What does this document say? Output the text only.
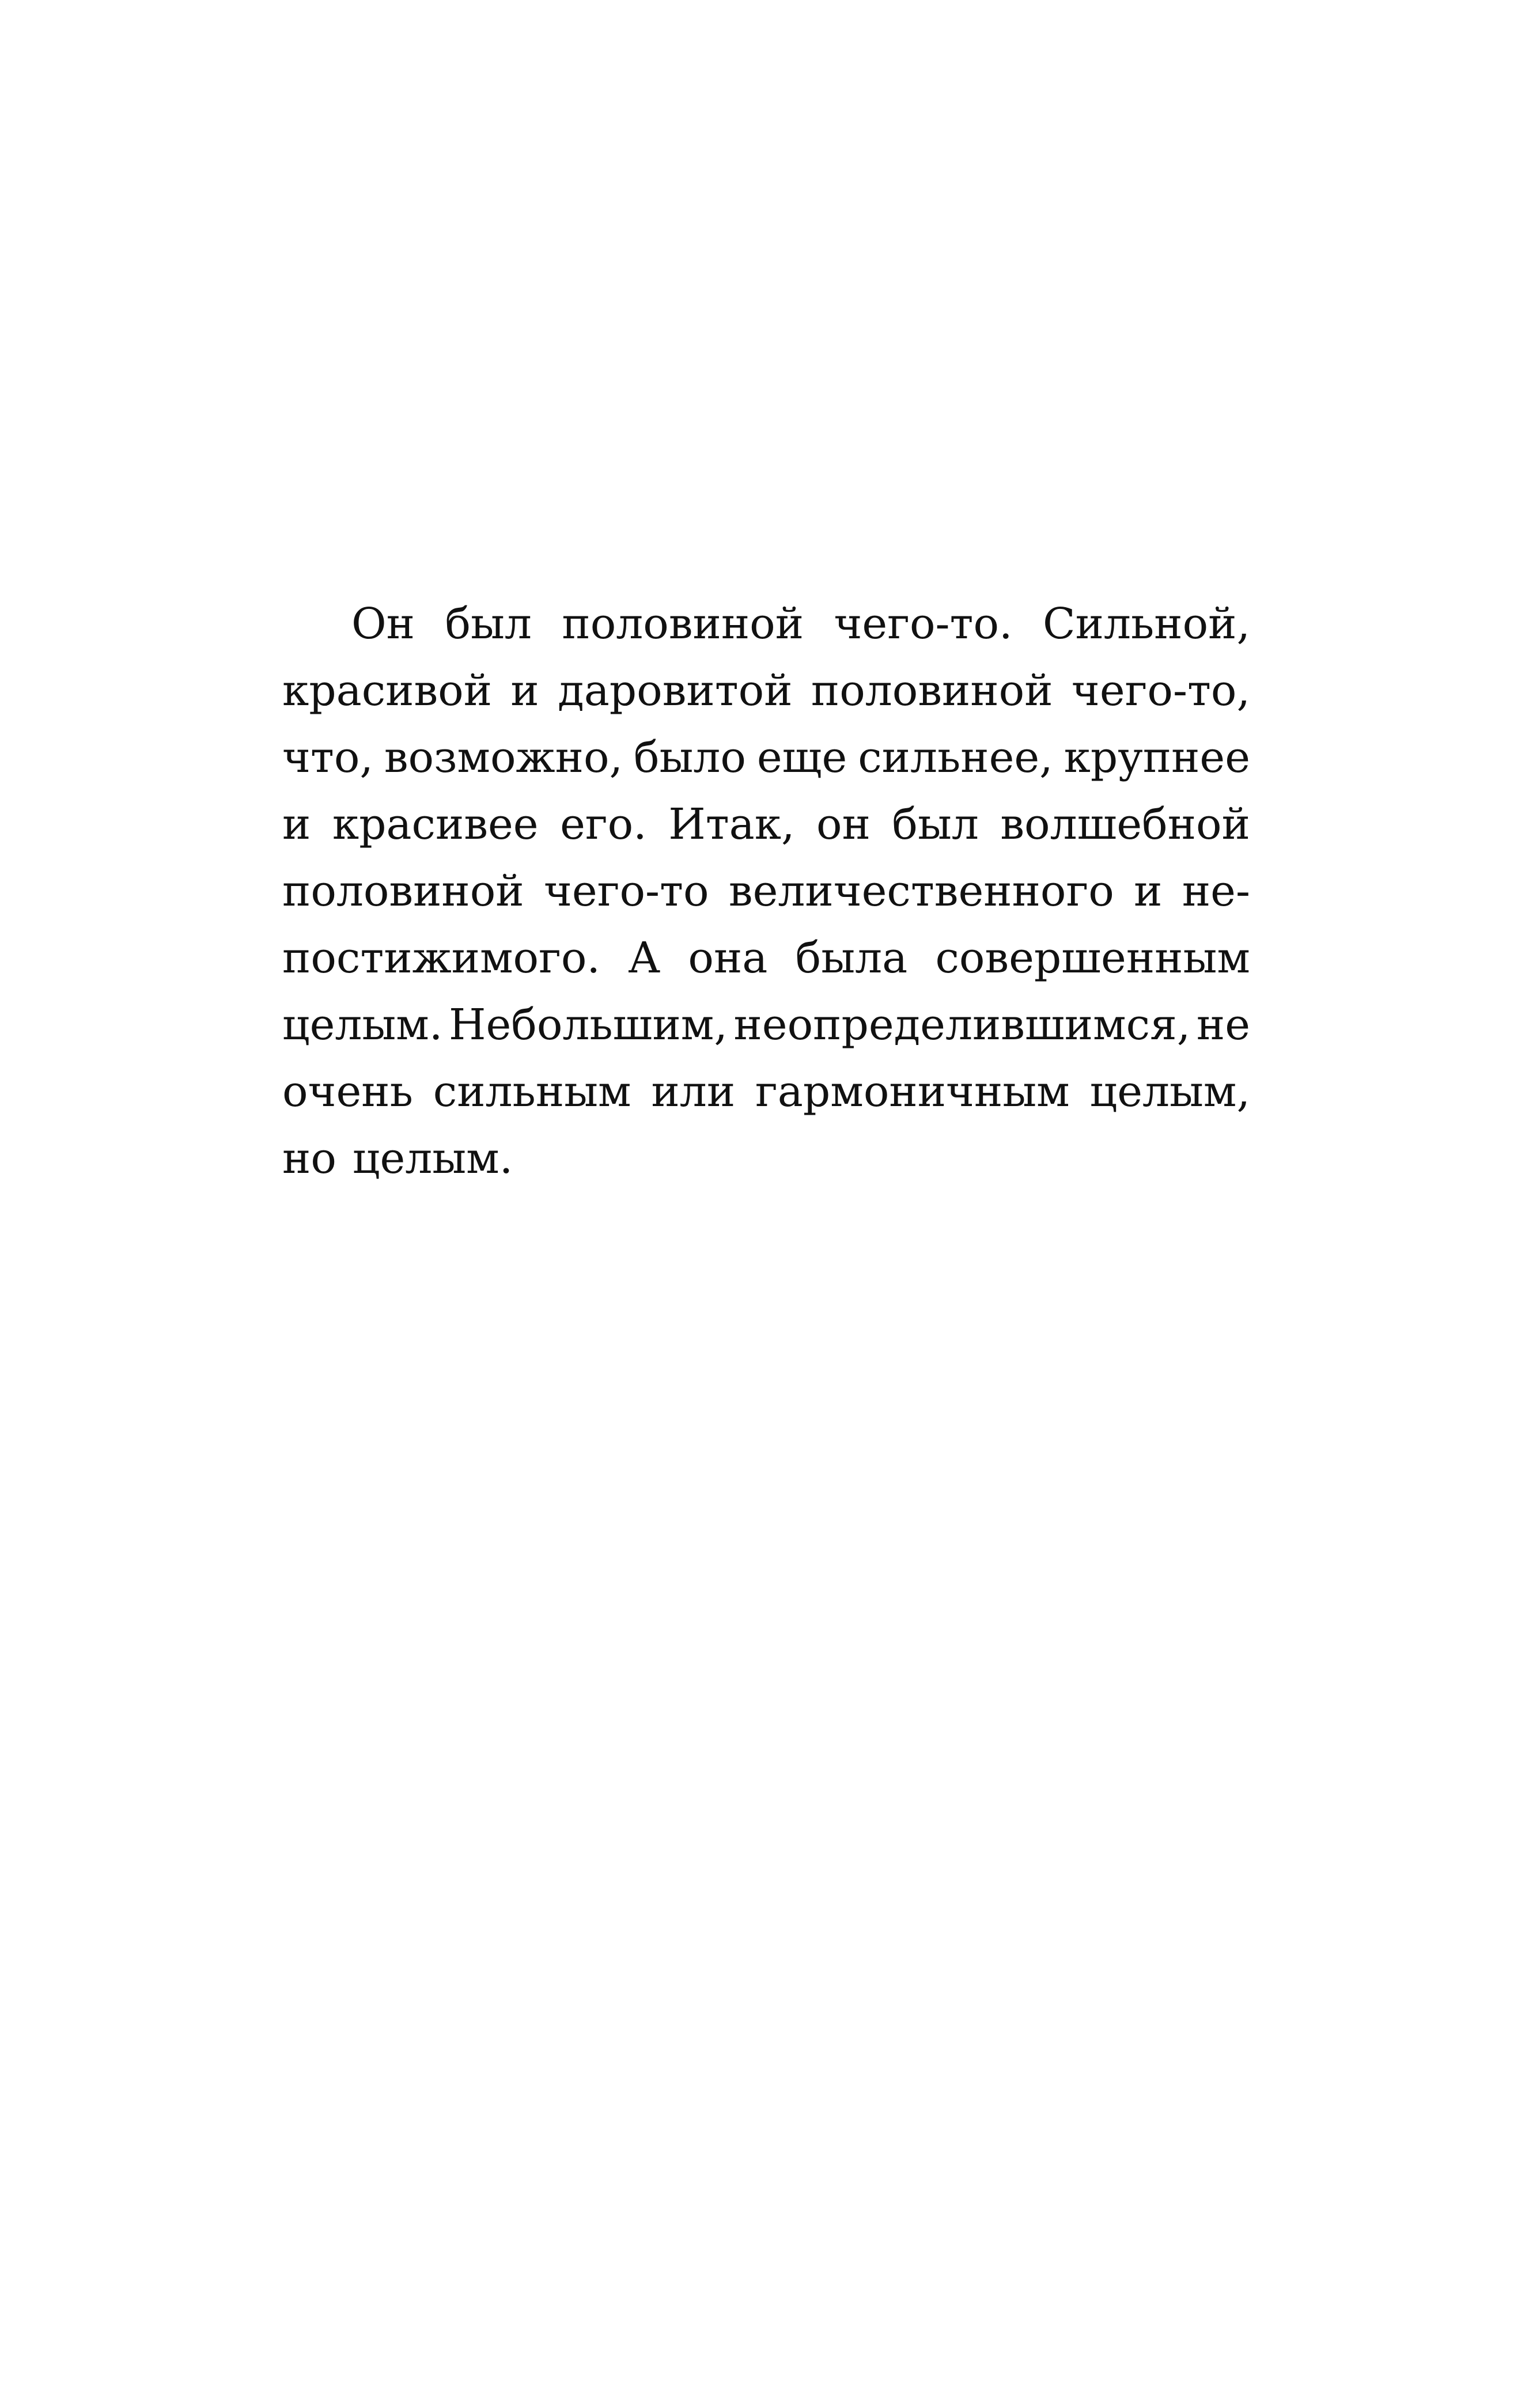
Он был половиной чего-то. Сильной,
красивой и даровитой половиной чего-то,
что, возможно, было еще сильнее, крупнее
и красивее его. Итак, он был волшебной
половиной чего-то величественного и не-
постижимого. А она была совершенным
целым. Небольшим, неопределившимся, не
очень сильным или гармоничным целым,
но целым.
